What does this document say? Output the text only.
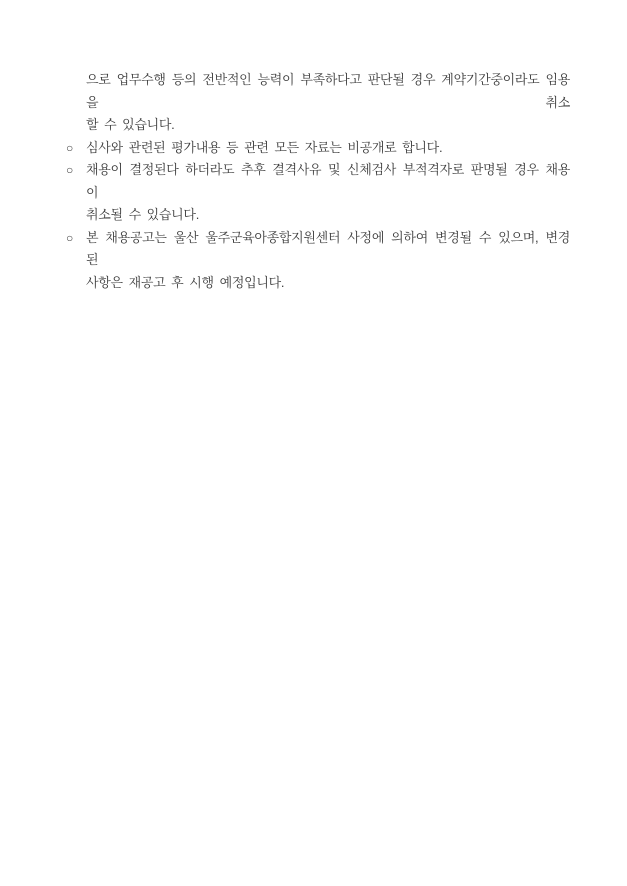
으로 업무수행 등의 전반적인 능력이 부족하다고 판단될 경우 계약기간중이라도 임용을 취소
할 수 있습니다.
○ 심사와 관련된 평가내용 등 관련 모든 자료는 비공개로 합니다.
○ 채용이 결정된다 하더라도 추후 결격사유 및 신체검사 부적격자로 판명될 경우 채용이
취소될 수 있습니다.
○ 본 채용공고는 울산 울주군육아종합지원센터 사정에 의하여 변경될 수 있으며, 변경된
사항은 재공고 후 시행 예정입니다.
